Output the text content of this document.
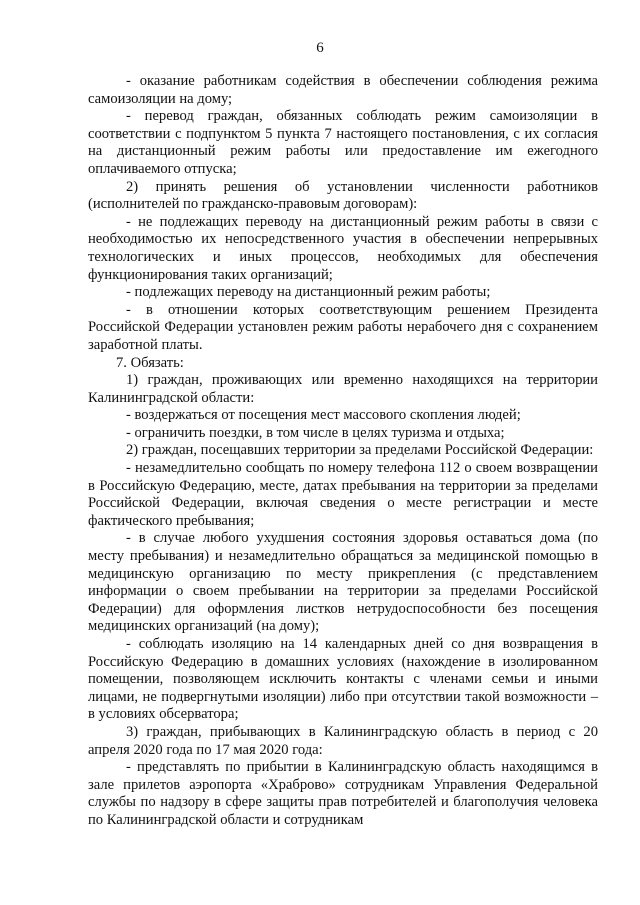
6

- оказание работникам содействия в обеспечении соблюдения режима самоизоляции на дому;

- перевод граждан, обязанных соблюдать режим самоизоляции в соответствии с подпунктом 5 пункта 7 настоящего постановления, с их согласия на дистанционный режим работы или предоставление им ежегодного оплачиваемого отпуска;

2) принять решения об установлении численности работников (исполнителей по гражданско-правовым договорам):

- не подлежащих переводу на дистанционный режим работы в связи с необходимостью их непосредственного участия в обеспечении непрерывных технологических и иных процессов, необходимых для обеспечения функционирования таких организаций;

- подлежащих переводу на дистанционный режим работы;

- в отношении которых соответствующим решением Президента Российской Федерации установлен режим работы нерабочего дня с сохранением заработной платы.

7. Обязать:

1) граждан, проживающих или временно находящихся на территории Калининградской области:

- воздержаться от посещения мест массового скопления людей;

- ограничить поездки, в том числе в целях туризма и отдыха;

2) граждан, посещавших территории за пределами Российской Федерации:

- незамедлительно сообщать по номеру телефона 112 о своем возвращении в Российскую Федерацию, месте, датах пребывания на территории за пределами Российской Федерации, включая сведения о месте регистрации и месте фактического пребывания;

- в случае любого ухудшения состояния здоровья оставаться дома (по месту пребывания) и незамедлительно обращаться за медицинской помощью в медицинскую организацию по месту прикрепления (с представлением информации о своем пребывании на территории за пределами Российской Федерации) для оформления листков нетрудоспособности без посещения медицинских организаций (на дому);

- соблюдать изоляцию на 14 календарных дней со дня возвращения в Российскую Федерацию в домашних условиях (нахождение в изолированном помещении, позволяющем исключить контакты с членами семьи и иными лицами, не подвергнутыми изоляции) либо при отсутствии такой возможности – в условиях обсерватора;

3) граждан, прибывающих в Калининградскую область в период с 20 апреля 2020 года по 17 мая 2020 года:

- представлять по прибытии в Калининградскую область находящимся в зале прилетов аэропорта «Храброво» сотрудникам Управления Федеральной службы по надзору в сфере защиты прав потребителей и благополучия человека по Калининградской области и сотрудникам
